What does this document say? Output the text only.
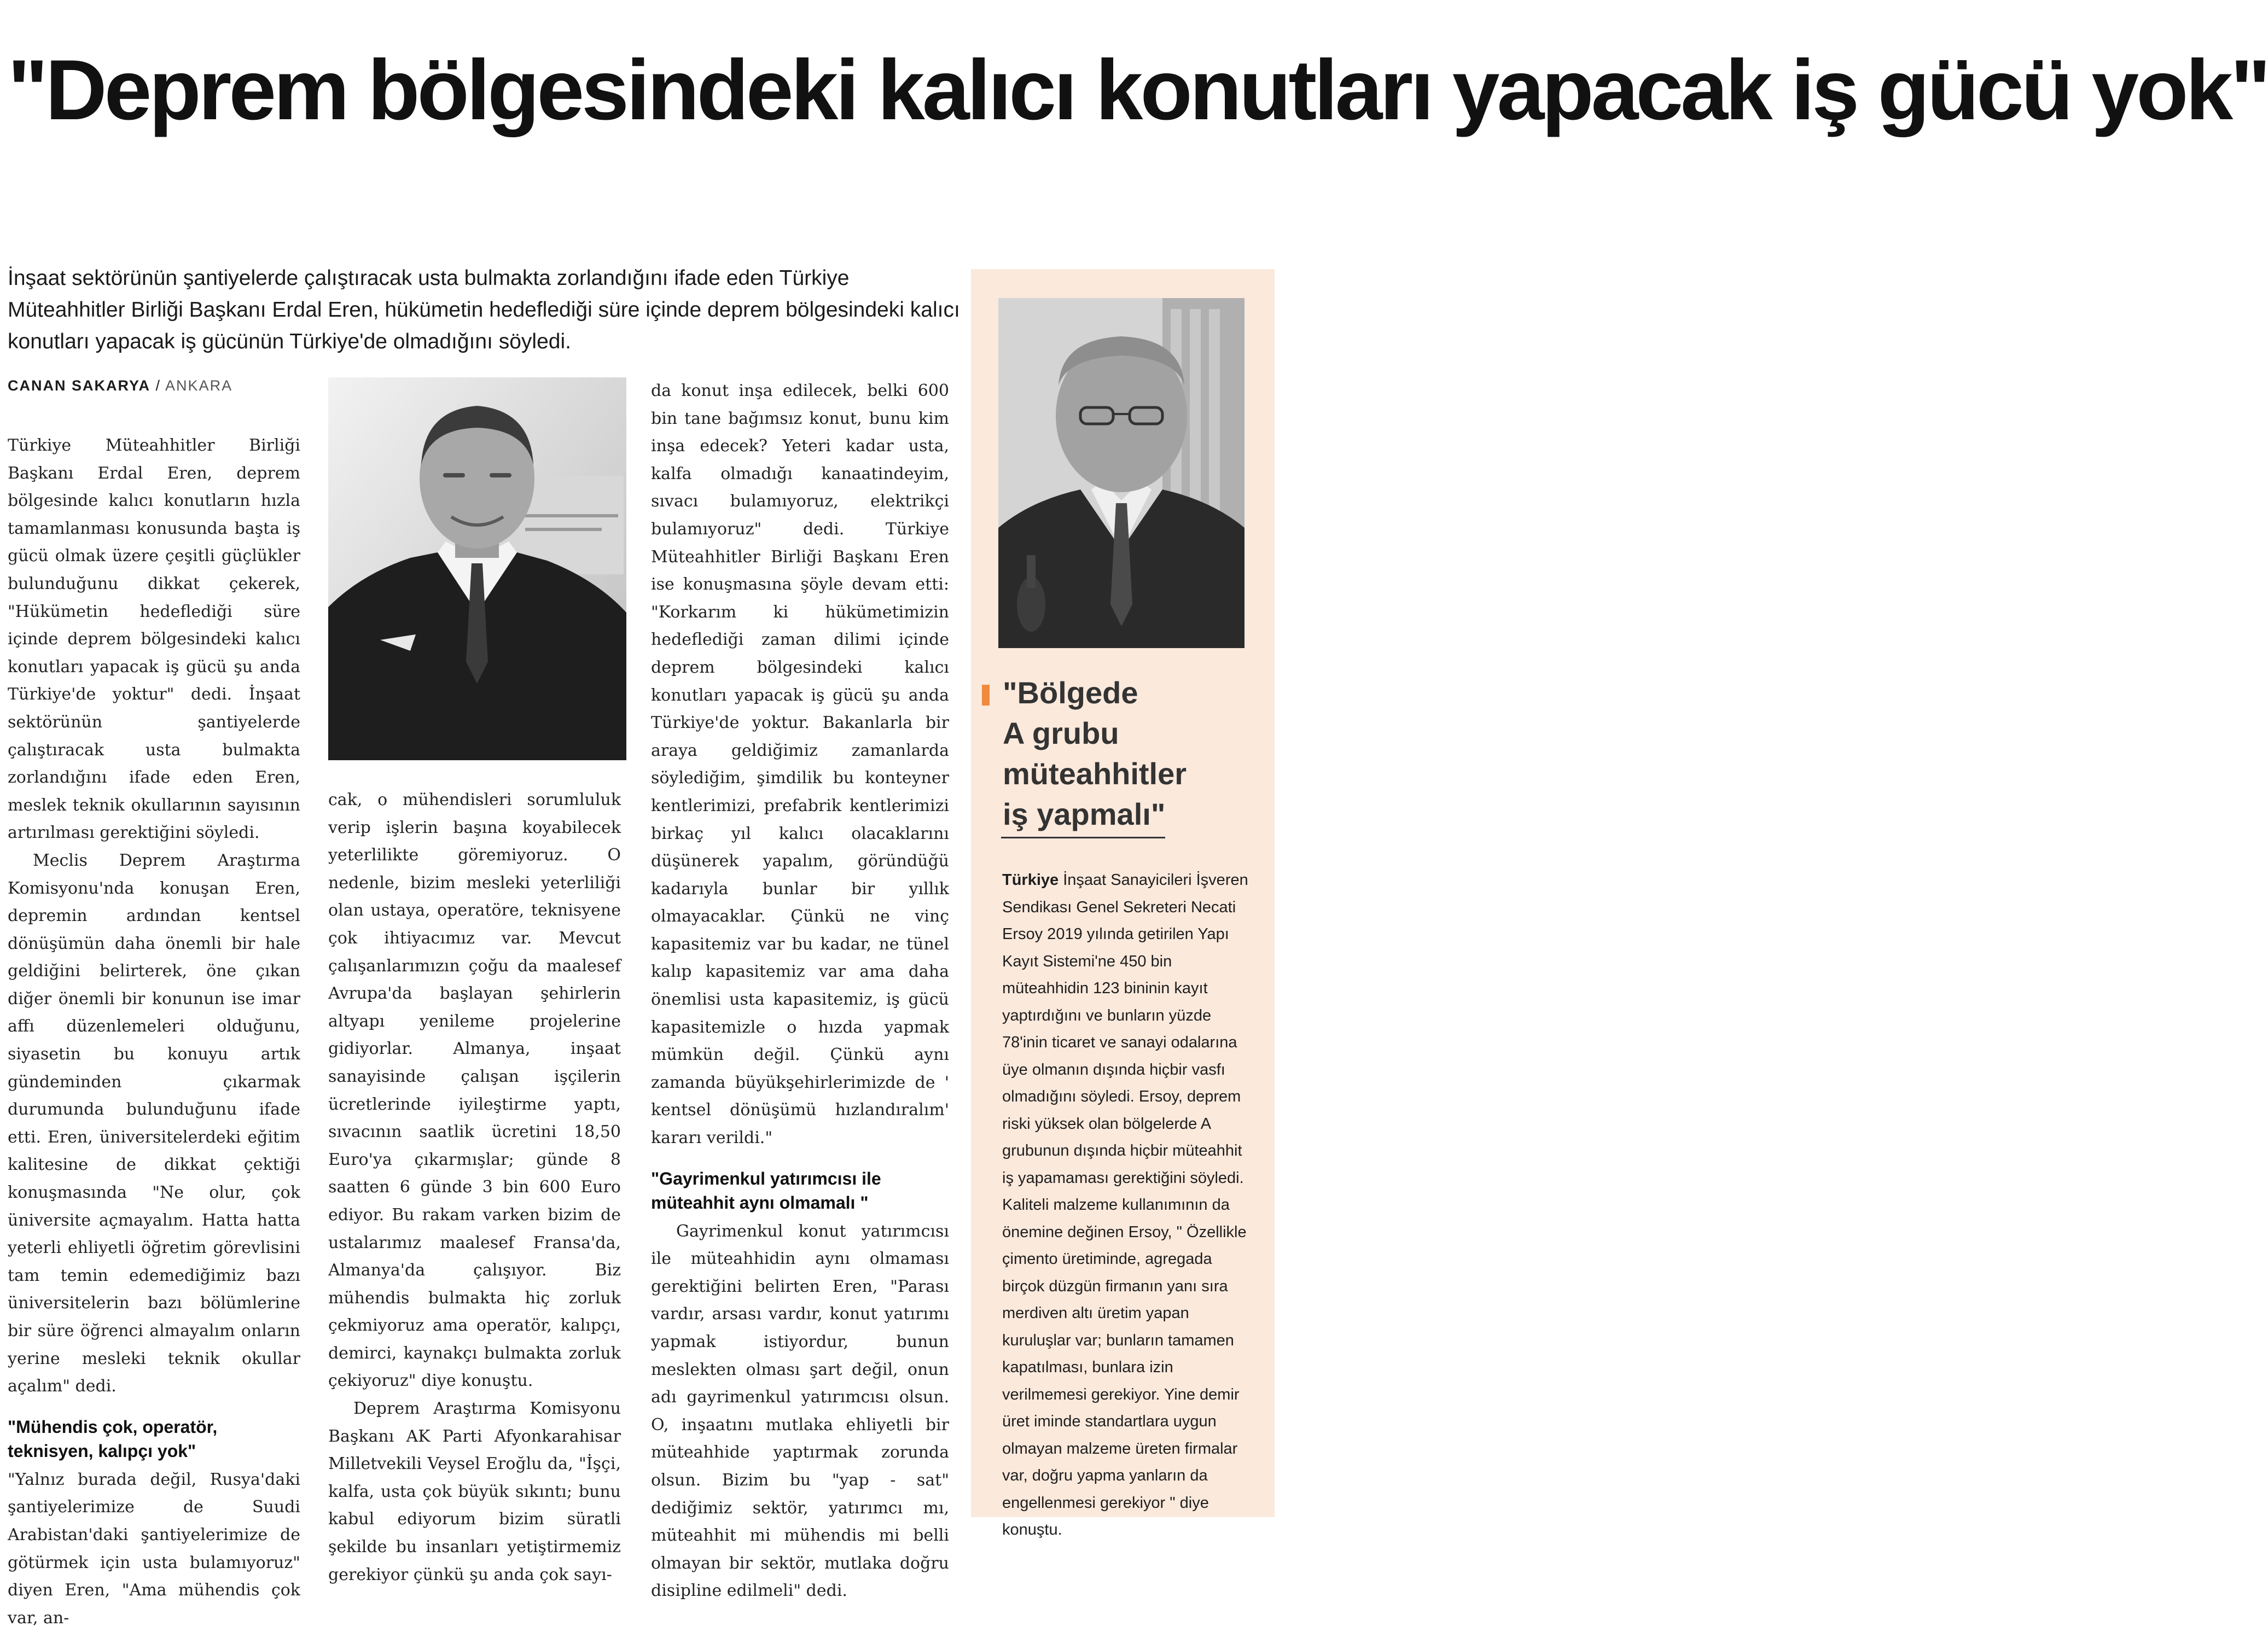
"Deprem bölgesindeki kalıcı konutları yapacak iş gücü yok"

İnşaat sektörünün şantiyelerde çalıştıracak usta bulmakta zorlandığını ifade eden Türkiye Müteahhitler Birliği Başkanı Erdal Eren, hükümetin hedeflediği süre içinde deprem bölgesindeki kalıcı konutları yapacak iş gücünün Türkiye'de olmadığını söyledi.

CANAN SAKARYA / ANKARA

Türkiye Müteahhitler Birliği Başkanı Erdal Eren, deprem bölgesinde kalıcı konutların hızla tamamlanması konusunda başta iş gücü olmak üzere çeşitli güçlükler bulunduğunu dikkat çekerek, "Hükümetin hedeflediği süre içinde deprem bölgesindeki kalıcı konutları yapacak iş gücü şu anda Türkiye'de yoktur" dedi. İnşaat sektörünün şantiyelerde çalıştıracak usta bulmakta zorlandığını ifade eden Eren, meslek teknik okullarının sayısının artırılması gerektiğini söyledi.

Meclis Deprem Araştırma Komisyonu'nda konuşan Eren, depremin ardından kentsel dönüşümün daha önemli bir hale geldiğini belirterek, öne çıkan diğer önemli bir konunun ise imar affı düzenlemeleri olduğunu, siyasetin bu konuyu artık gündeminden çıkarmak durumunda bulunduğunu ifade etti. Eren, üniversitelerdeki eğitim kalitesine de dikkat çektiği konuşmasında "Ne olur, çok üniversite açmayalım. Hatta hatta yeterli ehliyetli öğretim görevlisini tam temin edemediğimiz bazı üniversitelerin bazı bölümlerine bir süre öğrenci almayalım onların yerine mesleki teknik okullar açalım" dedi.

"Mühendis çok, operatör, teknisyen, kalıpçı yok"

"Yalnız burada değil, Rusya'daki şantiyelerimize de Suudi Arabistan'daki şantiyelerimize de götürmek için usta bulamıyoruz" diyen Eren, "Ama mühendis çok var, an-

cak, o mühendisleri sorumluluk verip işlerin başına koyabilecek yeterlilikte göremiyoruz. O nedenle, bizim mesleki yeterliliği olan ustaya, operatöre, teknisyene çok ihtiyacımız var. Mevcut çalışanlarımızın çoğu da maalesef Avrupa'da başlayan şehirlerin altyapı yenileme projelerine gidiyorlar. Almanya, inşaat sanayisinde çalışan işçilerin ücretlerinde iyileştirme yaptı, sıvacının saatlik ücretini 18,50 Euro'ya çıkarmışlar; günde 8 saatten 6 günde 3 bin 600 Euro ediyor. Bu rakam varken bizim de ustalarımız maalesef Fransa'da, Almanya'da çalışıyor. Biz mühendis bulmakta hiç zorluk çekmiyoruz ama operatör, kalıpçı, demirci, kaynakçı bulmakta zorluk çekiyoruz" diye konuştu.

Deprem Araştırma Komisyonu Başkanı AK Parti Afyonkarahisar Milletvekili Veysel Eroğlu da, "İşçi, kalfa, usta çok büyük sıkıntı; bunu kabul ediyorum bizim süratli şekilde bu insanları yetiştirmemiz gerekiyor çünkü şu anda çok sayı-

da konut inşa edilecek, belki 600 bin tane bağımsız konut, bunu kim inşa edecek? Yeteri kadar usta, kalfa olmadığı kanaatindeyim, sıvacı bulamıyoruz, elektrikçi bulamıyoruz" dedi. Türkiye Müteahhitler Birliği Başkanı Eren ise konuşmasına şöyle devam etti: "Korkarım ki hükümetimizin hedeflediği zaman dilimi içinde deprem bölgesindeki kalıcı konutları yapacak iş gücü şu anda Türkiye'de yoktur. Bakanlarla bir araya geldiğimiz zamanlarda söylediğim, şimdilik bu konteyner kentlerimizi, prefabrik kentlerimizi birkaç yıl kalıcı olacaklarını düşünerek yapalım, göründüğü kadarıyla bunlar bir yıllık olmayacaklar. Çünkü ne vinç kapasitemiz var bu kadar, ne tünel kalıp kapasitemiz var ama daha önemlisi usta kapasitemiz, iş gücü kapasitemizle o hızda yapmak mümkün değil. Çünkü aynı zamanda büyükşehirlerimizde de ' kentsel dönüşümü hızlandıralım' kararı verildi."

"Gayrimenkul yatırımcısı ile müteahhit aynı olmamalı "

Gayrimenkul konut yatırımcısı ile müteahhidin aynı olmaması gerektiğini belirten Eren, "Parası vardır, arsası vardır, konut yatırımı yapmak istiyordur, bunun meslekten olması şart değil, onun adı gayrimenkul yatırımcısı olsun. O, inşaatını mutlaka ehliyetli bir müteahhide yaptırmak zorunda olsun. Bizim bu "yap - sat" dediğimiz sektör, yatırımcı mı, müteahhit mi mühendis mi belli olmayan bir sektör, mutlaka doğru disipline edilmeli" dedi.

"Bölgede
A grubu
müteahhitler
iş yapmalı"

Türkiye İnşaat Sanayicileri İşveren Sendikası Genel Sekreteri Necati Ersoy 2019 yılında getirilen Yapı Kayıt Sistemi'ne 450 bin müteahhidin 123 bininin kayıt yaptırdığını ve bunların yüzde 78'inin ticaret ve sanayi odalarına üye olmanın dışında hiçbir vasfı olmadığını söyledi. Ersoy, deprem riski yüksek olan bölgelerde A grubunun dışında hiçbir müteahhit iş yapamaması gerektiğini söyledi. Kaliteli malzeme kullanımının da önemine değinen Ersoy, " Özellikle çimento üretiminde, agregada birçok düzgün firmanın yanı sıra merdiven altı üretim yapan kuruluşlar var; bunların tamamen kapatılması, bunlara izin verilmemesi gerekiyor. Yine demir üret iminde standartlara uygun olmayan malzeme üreten firmalar var, doğru yapma yanların da engellenmesi gerekiyor " diye konuştu.
